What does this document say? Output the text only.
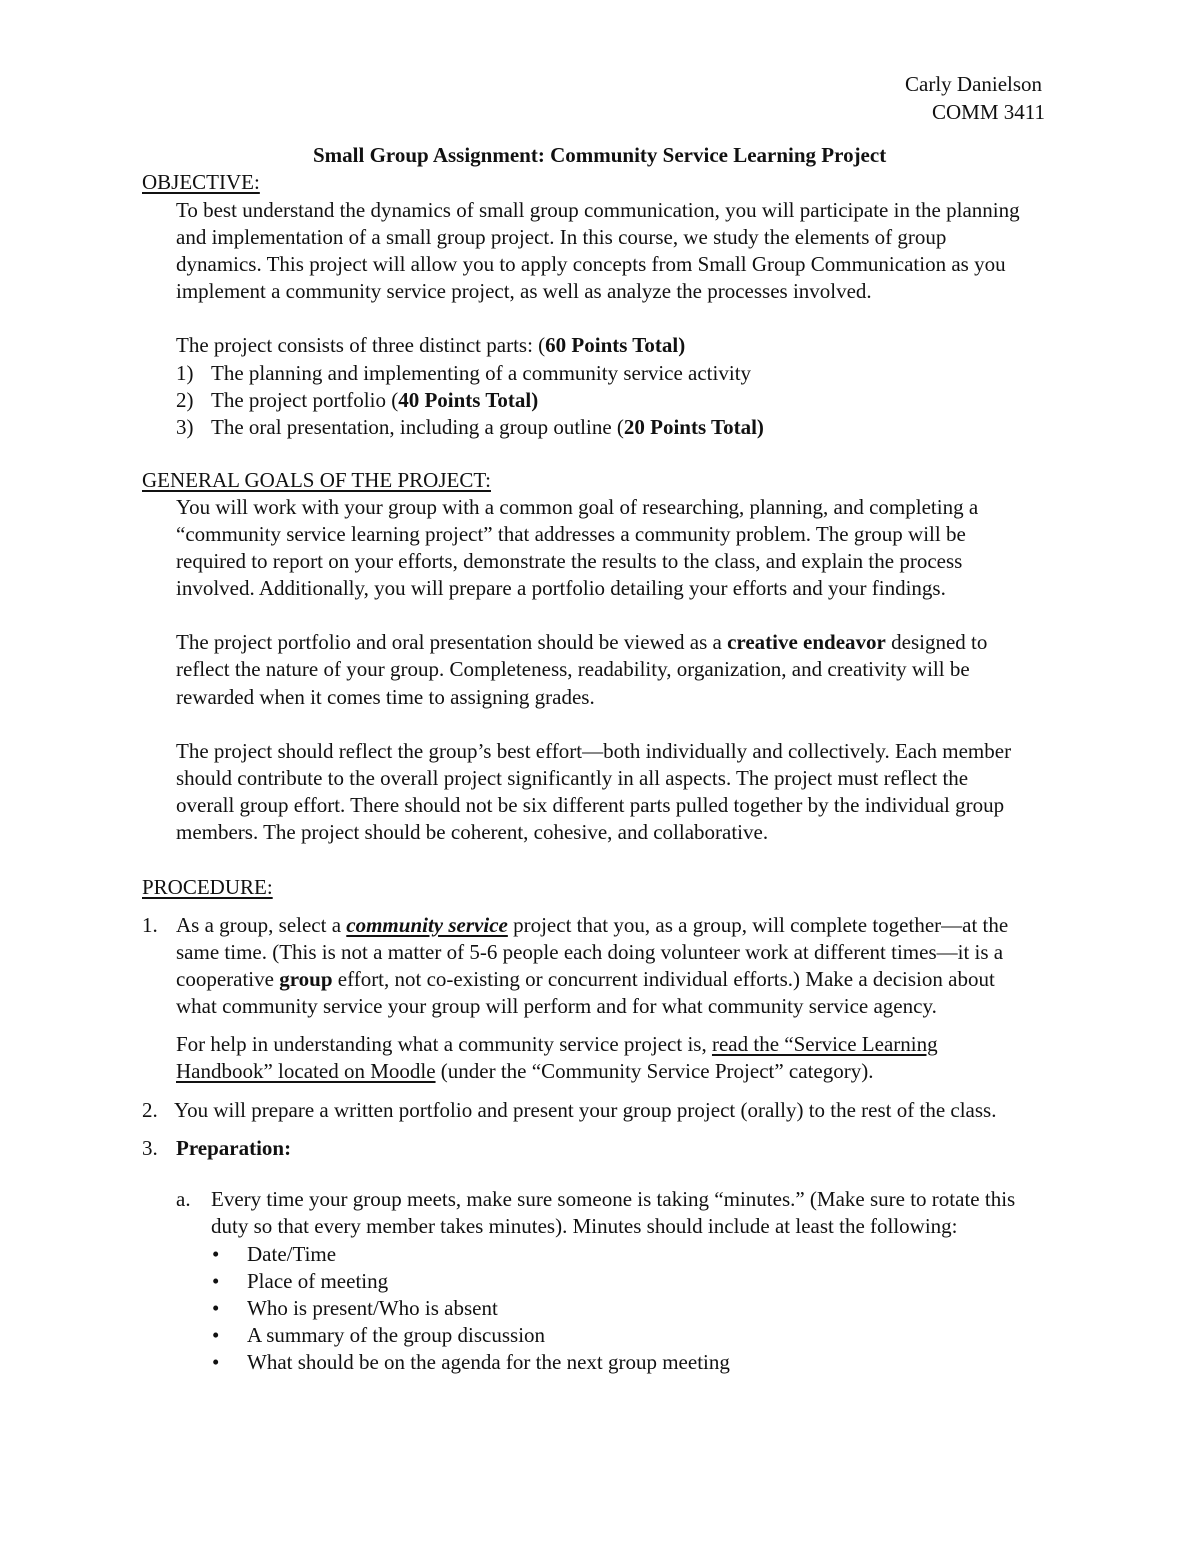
Carly Danielson
COMM 3411
Small Group Assignment: Community Service Learning Project
OBJECTIVE:
To best understand the dynamics of small group communication, you will participate in the planning
and implementation of a small group project. In this course, we study the elements of group
dynamics. This project will allow you to apply concepts from Small Group Communication as you
implement a community service project, as well as analyze the processes involved.
The project consists of three distinct parts: (60 Points Total)
1) The planning and implementing of a community service activity
2) The project portfolio (40 Points Total)
3) The oral presentation, including a group outline (20 Points Total)
GENERAL GOALS OF THE PROJECT:
You will work with your group with a common goal of researching, planning, and completing a
“community service learning project” that addresses a community problem. The group will be
required to report on your efforts, demonstrate the results to the class, and explain the process
involved. Additionally, you will prepare a portfolio detailing your efforts and your findings.
The project portfolio and oral presentation should be viewed as a creative endeavor designed to
reflect the nature of your group. Completeness, readability, organization, and creativity will be
rewarded when it comes time to assigning grades.
The project should reflect the group’s best effort—both individually and collectively. Each member
should contribute to the overall project significantly in all aspects. The project must reflect the
overall group effort. There should not be six different parts pulled together by the individual group
members. The project should be coherent, cohesive, and collaborative.
PROCEDURE:
1. As a group, select a community service project that you, as a group, will complete together—at the
same time. (This is not a matter of 5-6 people each doing volunteer work at different times—it is a
cooperative group effort, not co-existing or concurrent individual efforts.) Make a decision about
what community service your group will perform and for what community service agency.
For help in understanding what a community service project is, read the “Service Learning
Handbook” located on Moodle (under the “Community Service Project” category).
2. You will prepare a written portfolio and present your group project (orally) to the rest of the class.
3. Preparation:
a. Every time your group meets, make sure someone is taking “minutes.” (Make sure to rotate this
duty so that every member takes minutes). Minutes should include at least the following:
• Date/Time
• Place of meeting
• Who is present/Who is absent
• A summary of the group discussion
• What should be on the agenda for the next group meeting
